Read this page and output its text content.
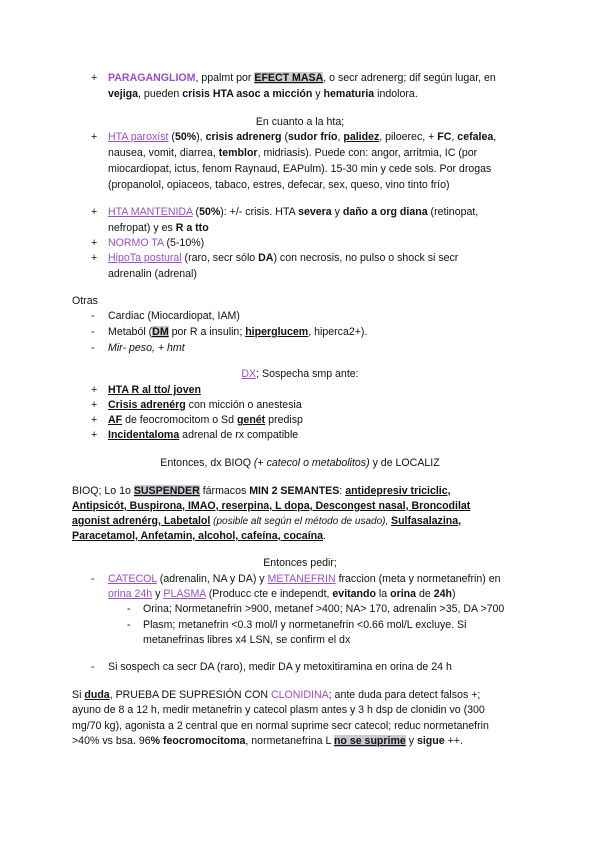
+	PARAGANGLIOM, ppalmt por EFECT MASA, o secr adrenerg; dif según lugar, en
vejiga, pueden crisis HTA asoc a micción y hematuria indolora.
En cuanto a la hta;
+	HTA paroxíst (50%), crisis adrenerg (sudor frío, palidez, piloerec, + FC, cefalea,
nausea, vomit, diarrea, temblor, midriasis). Puede con: angor, arritmia, IC (por
miocardiopat, ictus, fenom Raynaud, EAPulm). 15-30 min y cede sols. Por drogas
(propanolol, opiaceos, tabaco, estres, defecar, sex, queso, vino tinto frío)
+	HTA MANTENIDA (50%): +/- crisis. HTA severa y daño a org diana (retinopat,
nefropat) y es R a tto
+	NORMO TA (5-10%)
+	HipoTa postural (raro, secr sólo DA) con necrosis, no pulso o shock si secr
adrenalin (adrenal)
Otras
-	Cardiac (Miocardiopat, IAM)
-	Metaból (DM por R a insulin; hiperglucem, hiperca2+).
-	Mir- peso, + hmt
DX; Sospecha smp ante:
+	HTA R al tto/ joven
+	Crisis adrenérg con micción o anestesia
+	AF de feocromocitom o Sd genét predisp
+	Incidentaloma adrenal de rx compatible
Entonces, dx BIOQ (+ catecol o metabolitos) y de LOCALIZ
BIOQ; Lo 1o SUSPENDER fármacos MIN 2 SEMANTES: antidepresiv triciclic,
Antipsicót, Buspirona, IMAO, reserpina, L dopa, Descongest nasal, Broncodilat
agonist adrenérg, Labetalol (posible alt según el método de usado), Sulfasalazina,
Paracetamol, Anfetamin, alcohol, cafeína, cocaína.
Entonces pedir;
-	CATECOL (adrenalin, NA y DA) y METANEFRIN fraccion (meta y normetanefrin) en
orina 24h y PLASMA (Producc cte e independt, evitando la orina de 24h)
-	Orina; Normetanefrin >900, metanef >400; NA> 170, adrenalin >35, DA >700
-	Plasm; metanefrin <0.3 mol/l y normetanefrin <0.66 mol/L excluye. Si
metanefrinas libres x4 LSN, se confirm el dx
-	Si sospech ca secr DA (raro), medir DA y metoxitiramina en orina de 24 h
Si duda, PRUEBA DE SUPRESIÓN CON CLONIDINA; ante duda para detect falsos +;
ayuno de 8 a 12 h, medir metanefrin y catecol plasm antes y 3 h dsp de clonidin vo (300
mg/70 kg), agonista a 2 central que en normal suprime secr catecol; reduc normetanefrin
>40% vs bsa. 96% feocromocitoma, normetanefrina L no se suprime y sigue ++.
